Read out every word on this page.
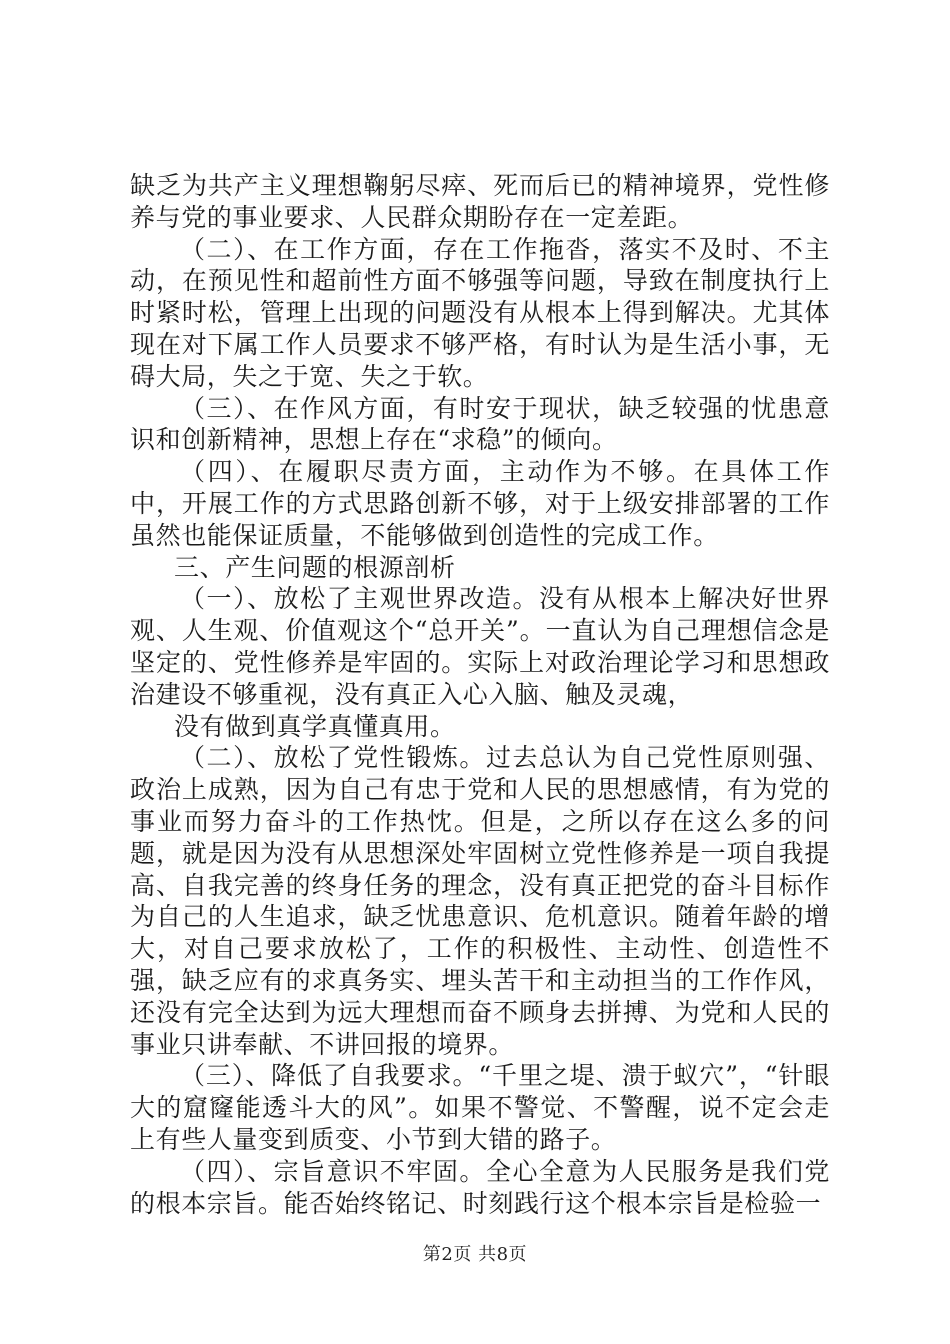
缺乏为共产主义理想鞠躬尽瘁、死而后已的精神境界，党性修养与党的事业要求、人民群众期盼存在一定差距。

（二）、在工作方面，存在工作拖沓，落实不及时、不主动，在预见性和超前性方面不够强等问题，导致在制度执行上时紧时松，管理上出现的问题没有从根本上得到解决。尤其体现在对下属工作人员要求不够严格，有时认为是生活小事，无碍大局，失之于宽、失之于软。

（三）、在作风方面，有时安于现状，缺乏较强的忧患意识和创新精神，思想上存在“求稳”的倾向。

（四）、在履职尽责方面，主动作为不够。在具体工作中，开展工作的方式思路创新不够，对于上级安排部署的工作虽然也能保证质量，不能够做到创造性的完成工作。

三、产生问题的根源剖析

（一）、放松了主观世界改造。没有从根本上解决好世界观、人生观、价值观这个“总开关”。一直认为自己理想信念是坚定的、党性修养是牢固的。实际上对政治理论学习和思想政治建设不够重视，没有真正入心入脑、触及灵魂，

没有做到真学真懂真用。

（二）、放松了党性锻炼。过去总认为自己党性原则强、政治上成熟，因为自己有忠于党和人民的思想感情，有为党的事业而努力奋斗的工作热忱。但是，之所以存在这么多的问题，就是因为没有从思想深处牢固树立党性修养是一项自我提高、自我完善的终身任务的理念，没有真正把党的奋斗目标作为自己的人生追求，缺乏忧患意识、危机意识。随着年龄的增大，对自己要求放松了，工作的积极性、主动性、创造性不强，缺乏应有的求真务实、埋头苦干和主动担当的工作作风，还没有完全达到为远大理想而奋不顾身去拼搏、为党和人民的事业只讲奉献、不讲回报的境界。

（三）、降低了自我要求。“千里之堤、溃于蚁穴”，“针眼大的窟窿能透斗大的风”。如果不警觉、不警醒，说不定会走上有些人量变到质变、小节到大错的路子。

（四）、宗旨意识不牢固。全心全意为人民服务是我们党的根本宗旨。能否始终铭记、时刻践行这个根本宗旨是检验一

第2页 共8页
